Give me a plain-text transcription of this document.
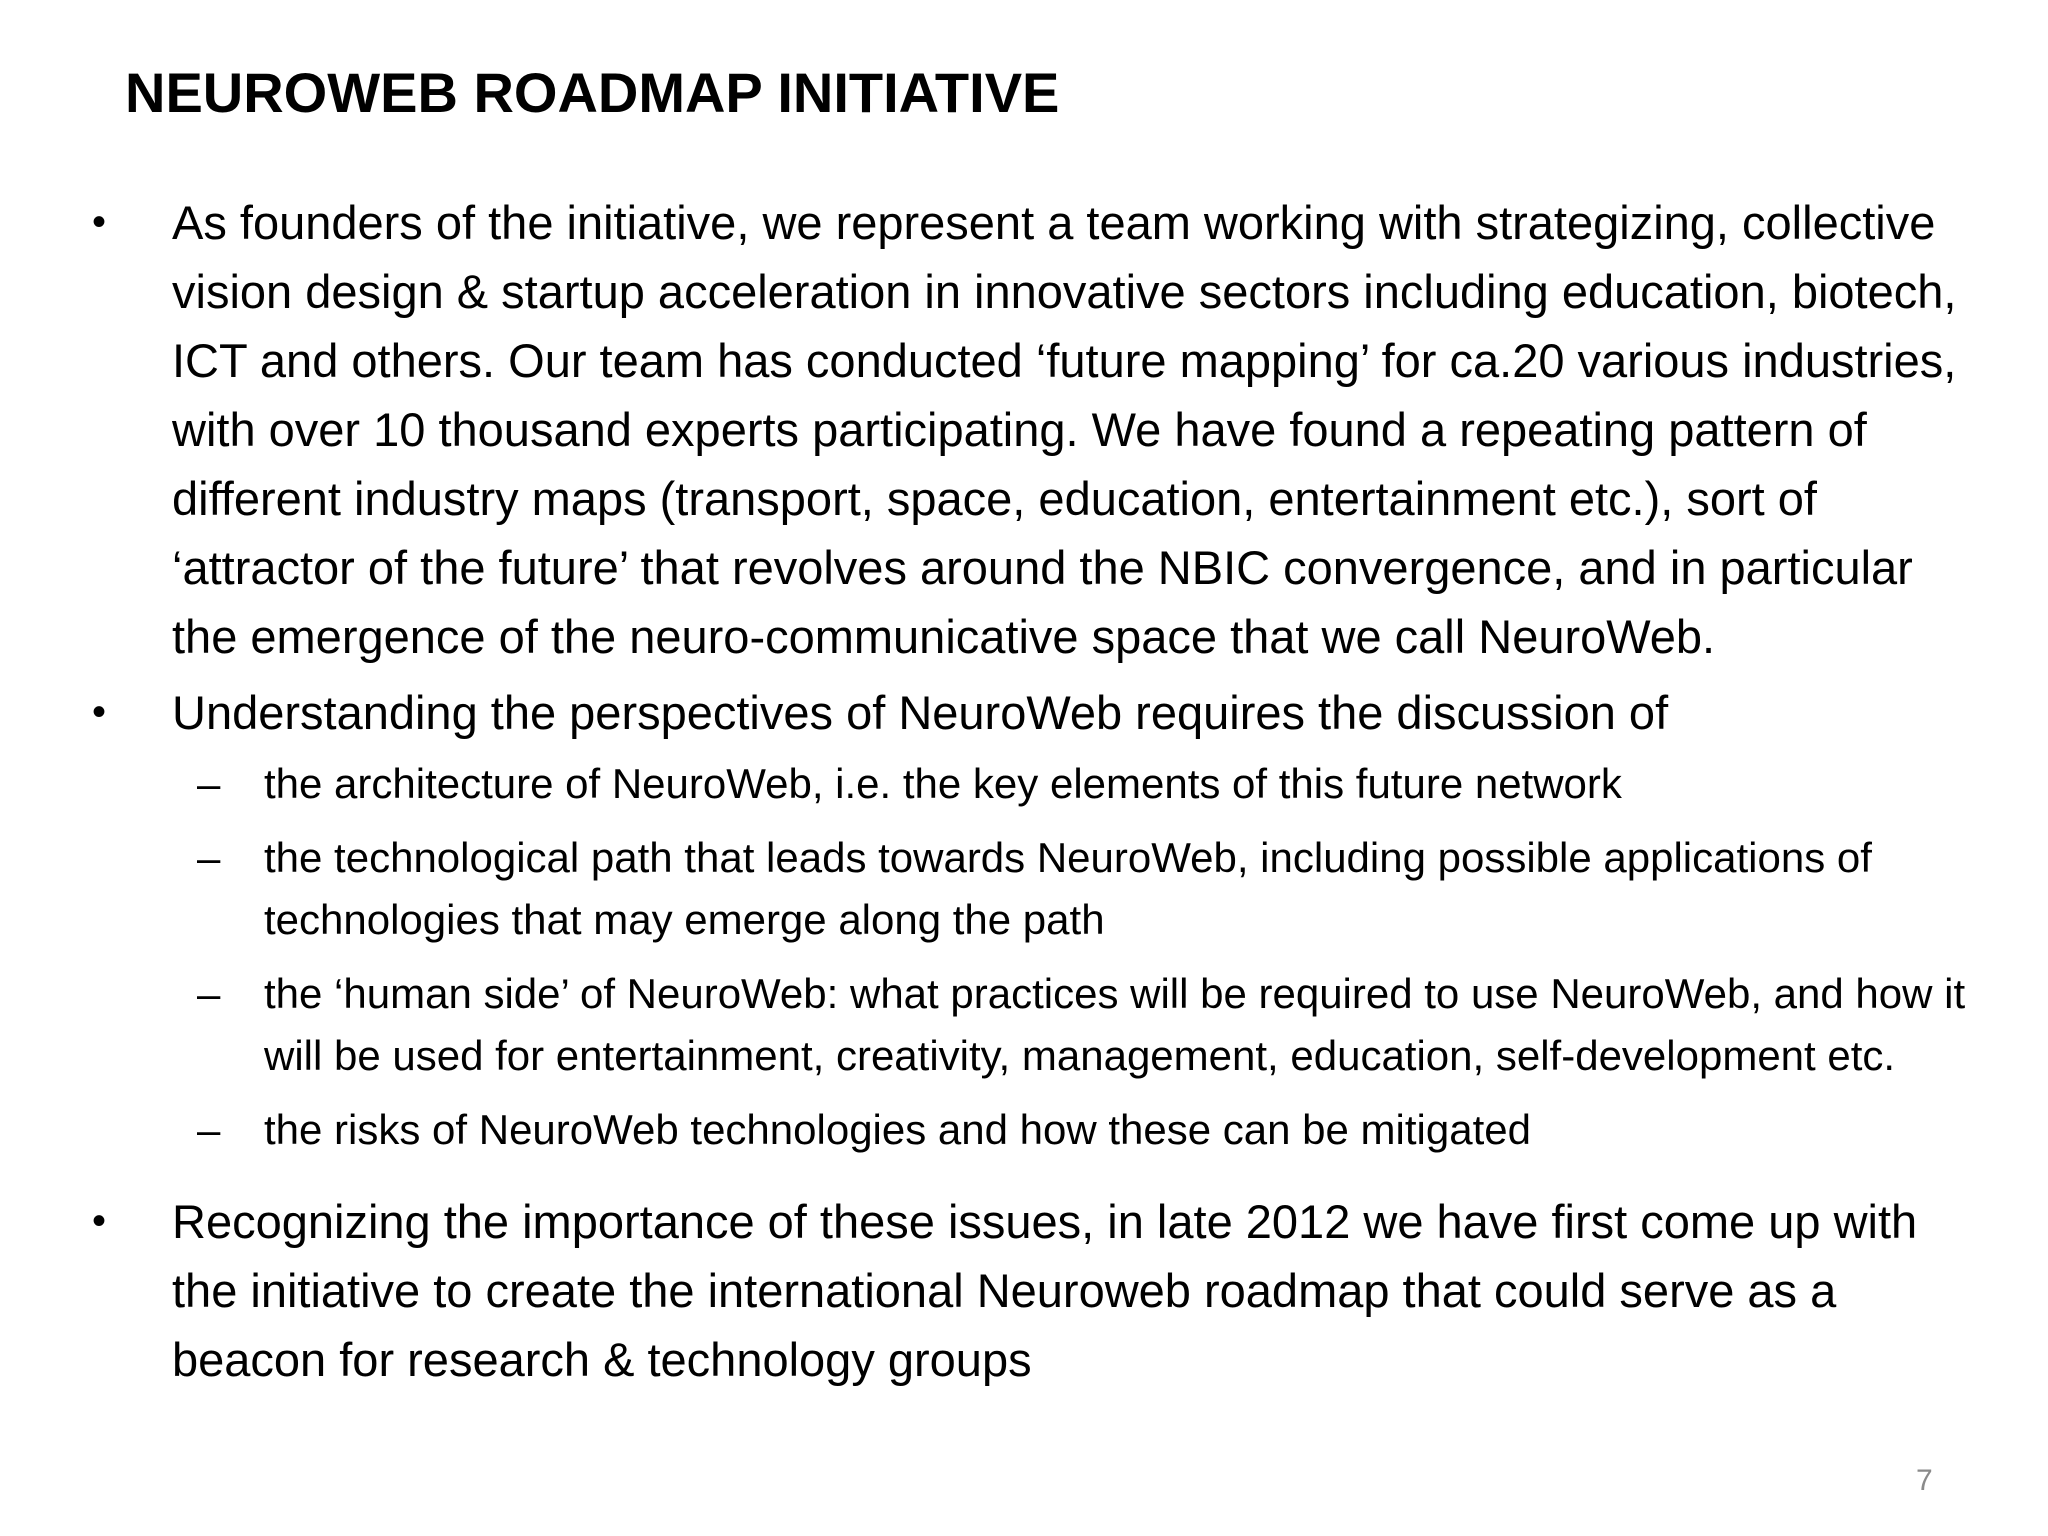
NEUROWEB ROADMAP INITIATIVE
• As founders of the initiative, we represent a team working with strategizing, collective vision design & startup acceleration in innovative sectors including education, biotech, ICT and others. Our team has conducted ‘future mapping’ for ca.20 various industries, with over 10 thousand experts participating. We have found a repeating pattern of different industry maps (transport, space, education, entertainment etc.), sort of ‘attractor of the future’ that revolves around the NBIC convergence, and in particular the emergence of the neuro-communicative space that we call NeuroWeb.
• Understanding the perspectives of NeuroWeb requires the discussion of
– the architecture of NeuroWeb, i.e. the key elements of this future network
– the technological path that leads towards NeuroWeb, including possible applications of technologies that may emerge along the path
– the ‘human side’ of NeuroWeb: what practices will be required to use NeuroWeb, and how it will be used for entertainment, creativity, management, education, self-development etc.
– the risks of NeuroWeb technologies and how these can be mitigated
• Recognizing the importance of these issues, in late 2012 we have first come up with the initiative to create the international Neuroweb roadmap that could serve as a beacon for research & technology groups
7
